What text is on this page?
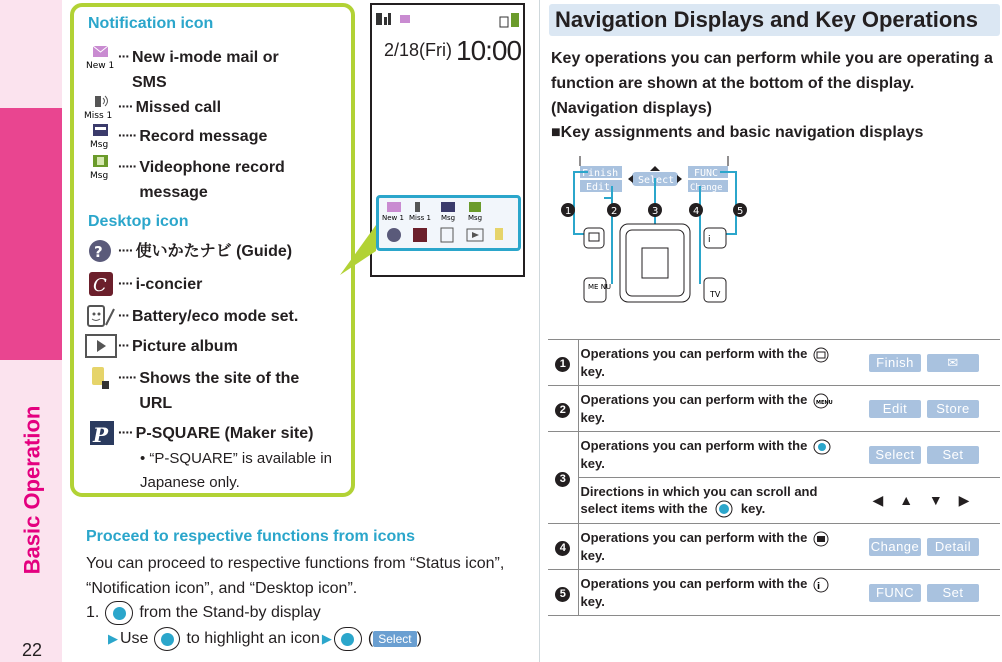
Basic Operation
22
Notification icon
New 1
··· New i-mode mail or SMS
Miss 1
···· Missed call
Msg
····· Record message
Msg
····· Videophone record message
Desktop icon
? ···· 使いかたナビ (Guide)
C ···· i-concier
··· Battery/eco mode set.
··· Picture album
····· Shows the site of the URL
P ···· P-SQUARE (Maker site)
• “P-SQUARE” is available in Japanese only.
2/18(Fri) 10:00
New 1 Miss 1 Msg Msg
Proceed to respective functions from icons
You can proceed to respective functions from “Status icon”, “Notification icon”, and “Desktop icon”.
1.	from the Stand-by display
▶ Use to highlight an icon ▶ ( Select )
Navigation Displays and Key Operations
Key operations you can perform while you are operating a function are shown at the bottom of the display. (Navigation displays)
■Key assignments and basic navigation displays
Finish
Edit
Select
FUNC
Change
1	2	3	4	5
i
ME NU
TV
1	Operations you can perform with the
key.	Finish ✉
2	Operations you can perform with the MENU

key.	Edit Store
3	Operations you can perform with the
key.	Select Set
	Directions in which you can scroll and select items with the key.	◀ ▲ ▼ ▶
4	Operations you can perform with the
key.	Change Detail
5	Operations you can perform with the i

key.	FUNC Set
